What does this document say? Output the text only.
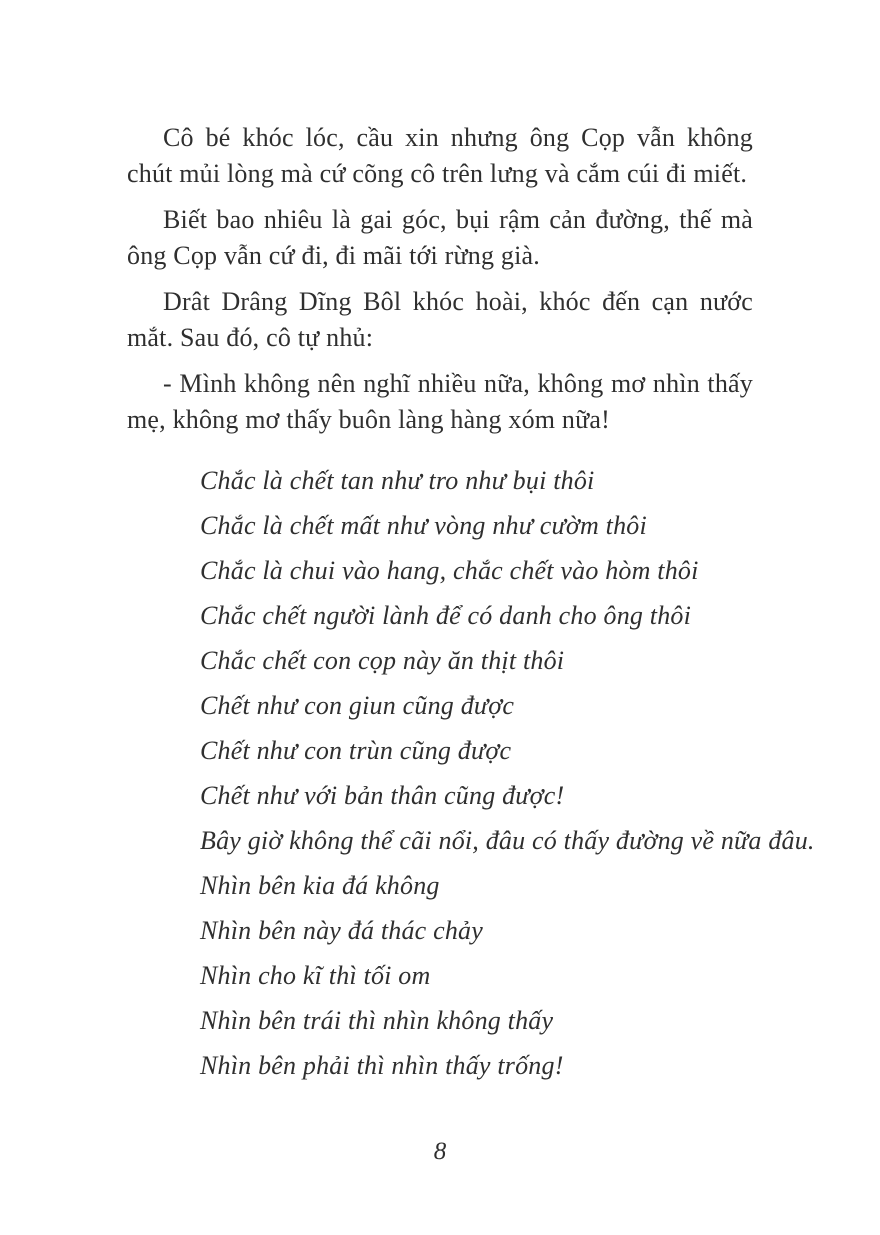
Cô bé khóc lóc, cầu xin nhưng ông Cọp vẫn không chút mủi lòng mà cứ cõng cô trên lưng và cắm cúi đi miết.

Biết bao nhiêu là gai góc, bụi rậm cản đường, thế mà ông Cọp vẫn cứ đi, đi mãi tới rừng già.

Drât Drâng Dĩng Bôl khóc hoài, khóc đến cạn nước mắt. Sau đó, cô tự nhủ:

- Mình không nên nghĩ nhiều nữa, không mơ nhìn thấy mẹ, không mơ thấy buôn làng hàng xóm nữa!

Chắc là chết tan như tro như bụi thôi

Chắc là chết mất như vòng như cườm thôi

Chắc là chui vào hang, chắc chết vào hòm thôi

Chắc chết người lành để có danh cho ông thôi

Chắc chết con cọp này ăn thịt thôi

Chết như con giun cũng được

Chết như con trùn cũng được

Chết như với bản thân cũng được!

Bây giờ không thể cãi nổi, đâu có thấy đường về nữa đâu.

Nhìn bên kia đá không

Nhìn bên này đá thác chảy

Nhìn cho kĩ thì tối om

Nhìn bên trái thì nhìn không thấy

Nhìn bên phải thì nhìn thấy trống!

8
